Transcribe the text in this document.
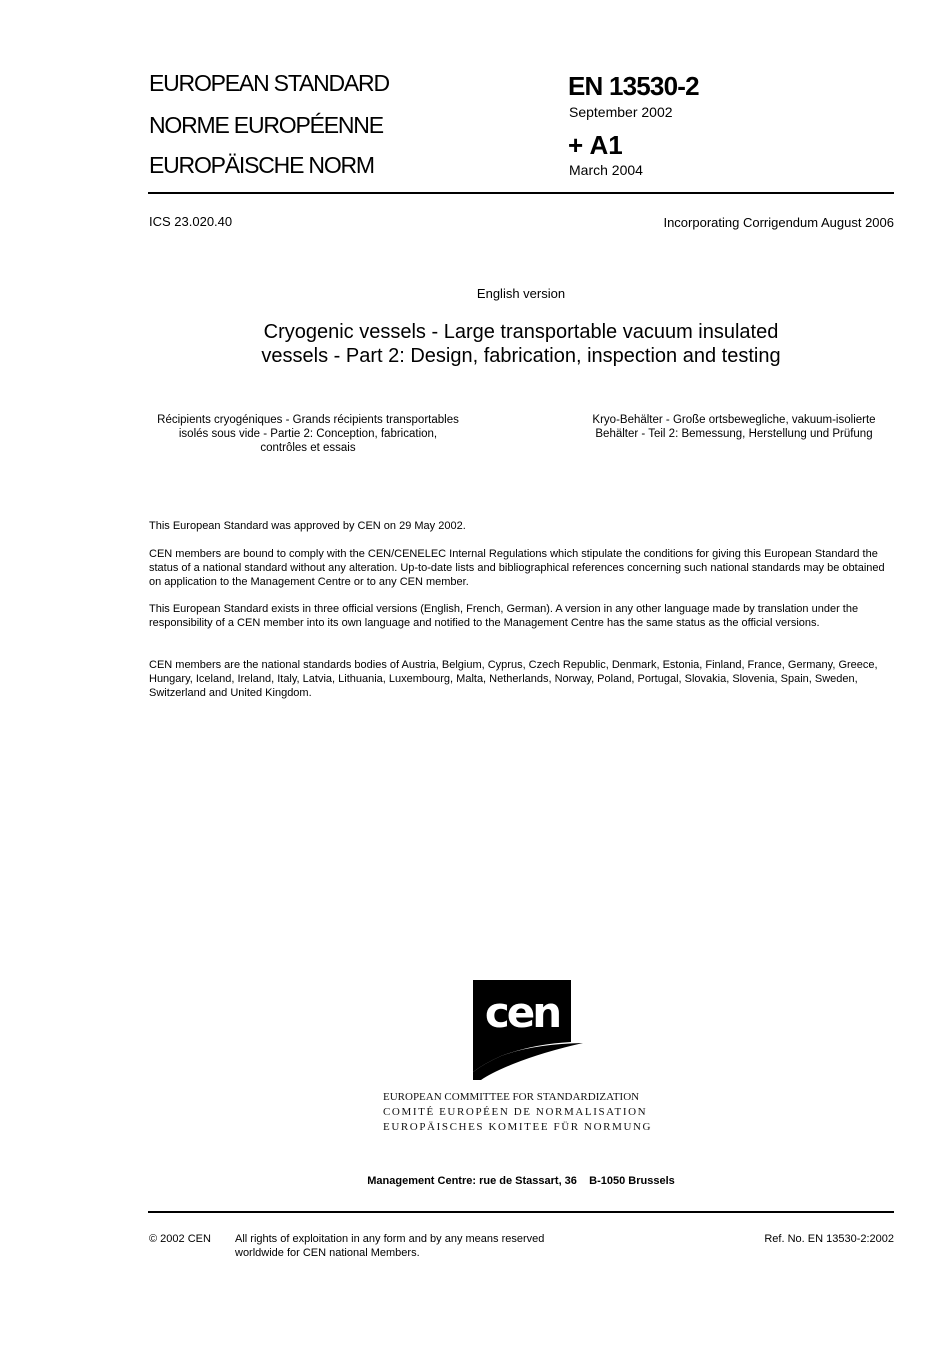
EUROPEAN STANDARD
NORME EUROPÉENNE
EUROPÄISCHE NORM
EN 13530-2
September 2002
+ A1
March 2004
ICS 23.020.40	Incorporating Corrigendum August 2006
English version
Cryogenic vessels - Large transportable vacuum insulated
vessels - Part 2: Design, fabrication, inspection and testing
Récipients cryogéniques - Grands récipients transportables
isolés sous vide - Partie 2: Conception, fabrication,
contrôles et essais
Kryo-Behälter - Große ortsbewegliche, vakuum-isolierte
Behälter - Teil 2: Bemessung, Herstellung und Prüfung
This European Standard was approved by CEN on 29 May 2002.
CEN members are bound to comply with the CEN/CENELEC Internal Regulations which stipulate the conditions for giving this European Standard the status of a national standard without any alteration. Up-to-date lists and bibliographical references concerning such national standards may be obtained on application to the Management Centre or to any CEN member.
This European Standard exists in three official versions (English, French, German). A version in any other language made by translation under the responsibility of a CEN member into its own language and notified to the Management Centre has the same status as the official versions.
CEN members are the national standards bodies of Austria, Belgium, Cyprus, Czech Republic, Denmark, Estonia, Finland, France, Germany, Greece, Hungary, Iceland, Ireland, Italy, Latvia, Lithuania, Luxembourg, Malta, Netherlands, Norway, Poland, Portugal, Slovakia, Slovenia, Spain, Sweden, Switzerland and United Kingdom.
cen
EUROPEAN COMMITTEE FOR STANDARDIZATION
COMITÉ EUROPÉEN DE NORMALISATION
EUROPÄISCHES KOMITEE FÜR NORMUNG
Management Centre: rue de Stassart, 36    B-1050 Brussels
© 2002 CEN All rights of exploitation in any form and by any means reserved
worldwide for CEN national Members.
Ref. No. EN 13530-2:2002
